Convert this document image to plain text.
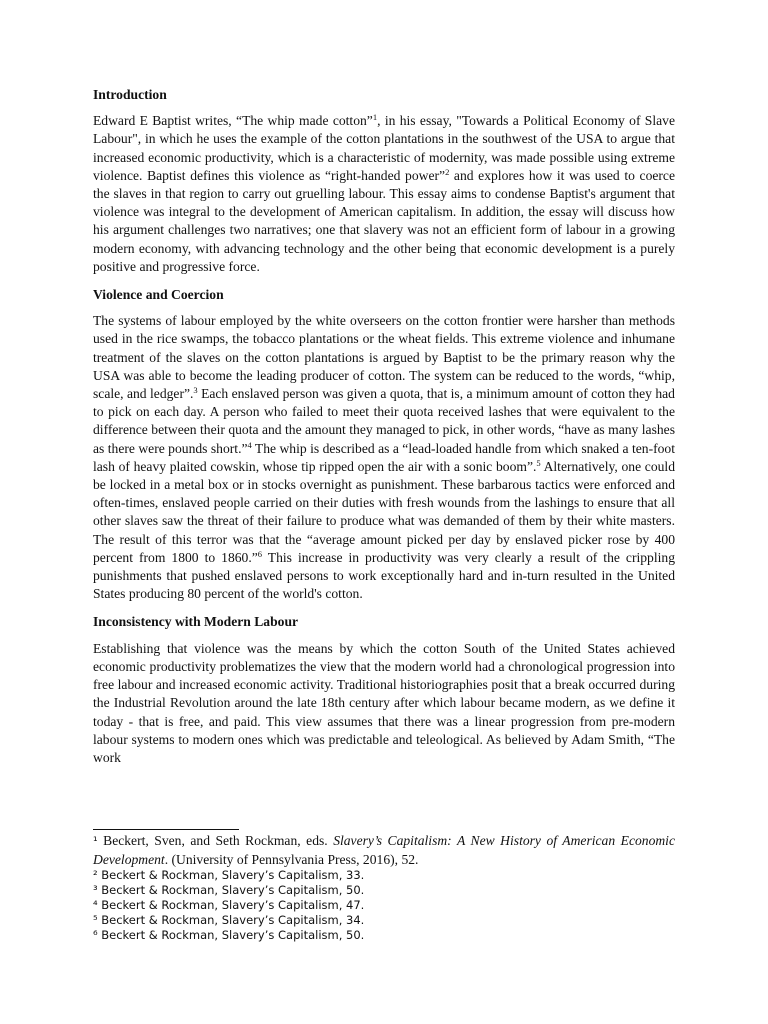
Introduction

Edward E Baptist writes, “The whip made cotton”$^1$, in his essay, "Towards a Political Economy of Slave Labour", in which he uses the example of the cotton plantations in the southwest of the USA to argue that increased economic productivity, which is a characteristic of modernity, was made possible using extreme violence. Baptist defines this violence as “right-handed power”$^2$ and explores how it was used to coerce the slaves in that region to carry out gruelling labour. This essay aims to condense Baptist's argument that violence was integral to the development of American capitalism. In addition, the essay will discuss how his argument challenges two narratives; one that slavery was not an efficient form of labour in a growing modern economy, with advancing technology and the other being that economic development is a purely positive and progressive force.

Violence and Coercion

The systems of labour employed by the white overseers on the cotton frontier were harsher than methods used in the rice swamps, the tobacco plantations or the wheat fields. This extreme violence and inhumane treatment of the slaves on the cotton plantations is argued by Baptist to be the primary reason why the USA was able to become the leading producer of cotton. The system can be reduced to the words, “whip, scale, and ledger”.$^3$ Each enslaved person was given a quota, that is, a minimum amount of cotton they had to pick on each day. A person who failed to meet their quota received lashes that were equivalent to the difference between their quota and the amount they managed to pick, in other words, “have as many lashes as there were pounds short.”$^4$ The whip is described as a “lead-loaded handle from which snaked a ten-foot lash of heavy plaited cowskin, whose tip ripped open the air with a sonic boom”.$^5$ Alternatively, one could be locked in a metal box or in stocks overnight as punishment. These barbarous tactics were enforced and often-times, enslaved people carried on their duties with fresh wounds from the lashings to ensure that all other slaves saw the threat of their failure to produce what was demanded of them by their white masters. The result of this terror was that the “average amount picked per day by enslaved picker rose by 400 percent from 1800 to 1860.”$^6$ This increase in productivity was very clearly a result of the crippling punishments that pushed enslaved persons to work exceptionally hard and in-turn resulted in the United States producing 80 percent of the world's cotton.

Inconsistency with Modern Labour

Establishing that violence was the means by which the cotton South of the United States achieved economic productivity problematizes the view that the modern world had a chronological progression into free labour and increased economic activity. Traditional historiographies posit that a break occurred during the Industrial Revolution around the late 18th century after which labour became modern, as we define it today - that is free, and paid. This view assumes that there was a linear progression from pre-modern labour systems to modern ones which was predictable and teleological. As believed by Adam Smith, “The work

¹ Beckert, Sven, and Seth Rockman, eds. Slavery’s Capitalism: A New History of American Economic Development. (University of Pennsylvania Press, 2016), 52.

² Beckert & Rockman, Slavery’s Capitalism, 33.

³ Beckert & Rockman, Slavery’s Capitalism, 50.

⁴ Beckert & Rockman, Slavery’s Capitalism, 47.

⁵ Beckert & Rockman, Slavery’s Capitalism, 34.

⁶ Beckert & Rockman, Slavery’s Capitalism, 50.
